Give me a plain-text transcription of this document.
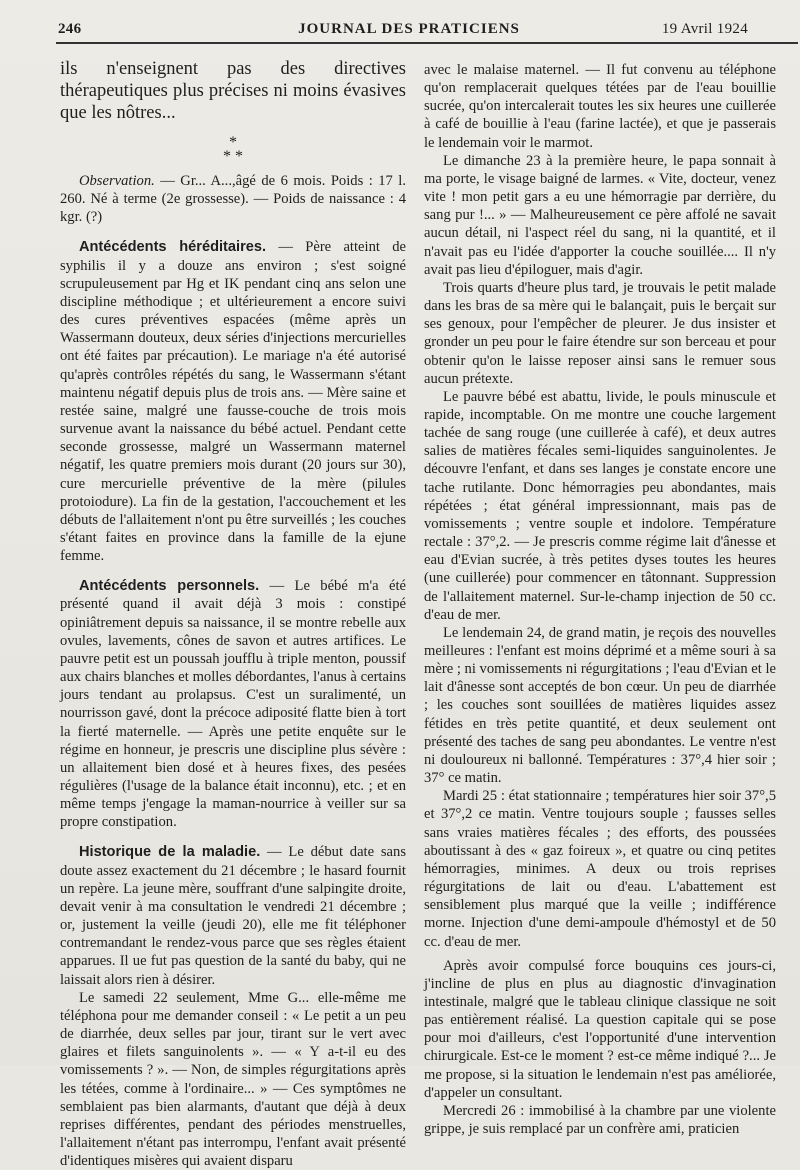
246	JOURNAL DES PRATICIENS	19 Avril 1924

ils n'enseignent pas des directives thérapeutiques plus précises ni moins évasives que les nôtres...

*
* *

Observation. — Gr... A...,âgé de 6 mois. Poids : 17 l. 260. Né à terme (2e grossesse). — Poids de naissance : 4 kgr. (?)

Antécédents héréditaires. — Père atteint de syphilis il y a douze ans environ ; s'est soigné scrupuleusement par Hg et IK pendant cinq ans selon une discipline méthodique ; et ultérieurement a encore suivi des cures préventives espacées (même après un Wassermann douteux, deux séries d'injections mercurielles ont été faites par précaution). Le mariage n'a été autorisé qu'après contrôles répétés du sang, le Wassermann s'étant maintenu négatif depuis plus de trois ans. — Mère saine et restée saine, malgré une fausse-couche de trois mois survenue avant la naissance du bébé actuel. Pendant cette seconde grossesse, malgré un Wassermann maternel négatif, les quatre premiers mois durant (20 jours sur 30), cure mercurielle préventive de la mère (pilules protoiodure). La fin de la gestation, l'accouchement et les débuts de l'allaitement n'ont pu être surveillés ; les couches s'étant faites en province dans la famille de la ejune femme.

Antécédents personnels. — Le bébé m'a été présenté quand il avait déjà 3 mois : constipé opiniâtrement depuis sa naissance, il se montre rebelle aux ovules, lavements, cônes de savon et autres artifices. Le pauvre petit est un poussah joufflu à triple menton, poussif aux chairs blanches et molles débordantes, l'anus à certains jours tendant au prolapsus. C'est un suralimenté, un nourrisson gavé, dont la précoce adiposité flatte bien à tort la fierté maternelle. — Après une petite enquête sur le régime en honneur, je prescris une discipline plus sévère : un allaitement bien dosé et à heures fixes, des pesées régulières (l'usage de la balance était inconnu), etc. ; et en même temps j'engage la maman-nourrice à veiller sur sa propre constipation.

Historique de la maladie. — Le début date sans doute assez exactement du 21 décembre ; le hasard fournit un repère. La jeune mère, souffrant d'une salpingite droite, devait venir à ma consultation le vendredi 21 décembre ; or, justement la veille (jeudi 20), elle me fit téléphoner contremandant le rendez-vous parce que ses règles étaient apparues. Il ue fut pas question de la santé du baby, qui ne laissait alors rien à désirer.

Le samedi 22 seulement, Mme G... elle-même me téléphona pour me demander conseil : « Le petit a un peu de diarrhée, deux selles par jour, tirant sur le vert avec glaires et filets sanguinolents ». — « Y a-t-il eu des vomissements ? ». — Non, de simples régurgitations après les tétées, comme à l'ordinaire... » — Ces symptômes ne semblaient pas bien alarmants, d'autant que déjà à deux reprises différentes, pendant des périodes menstruelles, l'allaitement n'étant pas interrompu, l'enfant avait présenté d'identiques misères qui avaient disparu

avec le malaise maternel. — Il fut convenu au téléphone qu'on remplacerait quelques tétées par de l'eau bouillie sucrée, qu'on intercalerait toutes les six heures une cuillerée à café de bouillie à l'eau (farine lactée), et que je passerais le lendemain voir le marmot.

Le dimanche 23 à la première heure, le papa sonnait à ma porte, le visage baigné de larmes. « Vite, docteur, venez vite ! mon petit gars a eu une hémorragie par derrière, du sang pur !... » — Malheureusement ce père affolé ne savait aucun détail, ni l'aspect réel du sang, ni la quantité, et il n'avait pas eu l'idée d'apporter la couche souillée.... Il n'y avait pas lieu d'épiloguer, mais d'agir.

Trois quarts d'heure plus tard, je trouvais le petit malade dans les bras de sa mère qui le balançait, puis le berçait sur ses genoux, pour l'empêcher de pleurer. Je dus insister et gronder un peu pour le faire étendre sur son berceau et pour obtenir qu'on le laisse reposer ainsi sans le remuer sous aucun prétexte.

Le pauvre bébé est abattu, livide, le pouls minuscule et rapide, incomptable. On me montre une couche largement tachée de sang rouge (une cuillerée à café), et deux autres salies de matières fécales semi-liquides sanguinolentes. Je découvre l'enfant, et dans ses langes je constate encore une tache rutilante. Donc hémorragies peu abondantes, mais répétées ; état général impressionnant, mais pas de vomissements ; ventre souple et indolore. Température rectale : 37°,2. — Je prescris comme régime lait d'ânesse et eau d'Evian sucrée, à très petites dyses toutes les heures (une cuillerée) pour commencer en tâtonnant. Suppression de l'allaitement maternel. Sur-le-champ injection de 50 cc. d'eau de mer.

Le lendemain 24, de grand matin, je reçois des nouvelles meilleures : l'enfant est moins déprimé et a même souri à sa mère ; ni vomissements ni régurgitations ; l'eau d'Evian et le lait d'ânesse sont acceptés de bon cœur. Un peu de diarrhée ; les couches sont souillées de matières liquides assez fétides en très petite quantité, et deux seulement ont présenté des taches de sang peu abondantes. Le ventre n'est ni douloureux ni ballonné. Températures : 37°,4 hier soir ; 37° ce matin.

Mardi 25 : état stationnaire ; températures hier soir 37°,5 et 37°,2 ce matin. Ventre toujours souple ; fausses selles sans vraies matières fécales ; des efforts, des poussées aboutissant à des « gaz foireux », et quatre ou cinq petites hémorragies, minimes. A deux ou trois reprises régurgitations de lait ou d'eau. L'abattement est sensiblement plus marqué que la veille ; indifférence morne. Injection d'une demi-ampoule d'hémostyl et de 50 cc. d'eau de mer.

Après avoir compulsé force bouquins ces jours-ci, j'incline de plus en plus au diagnostic d'invagination intestinale, malgré que le tableau clinique classique ne soit pas entièrement réalisé. La question capitale qui se pose pour moi d'ailleurs, c'est l'opportunité d'une intervention chirurgicale. Est-ce le moment ? est-ce même indiqué ?... Je me propose, si la situation le lendemain n'est pas améliorée, d'appeler un consultant.

Mercredi 26 : immobilisé à la chambre par une violente grippe, je suis remplacé par un confrère ami, praticien
